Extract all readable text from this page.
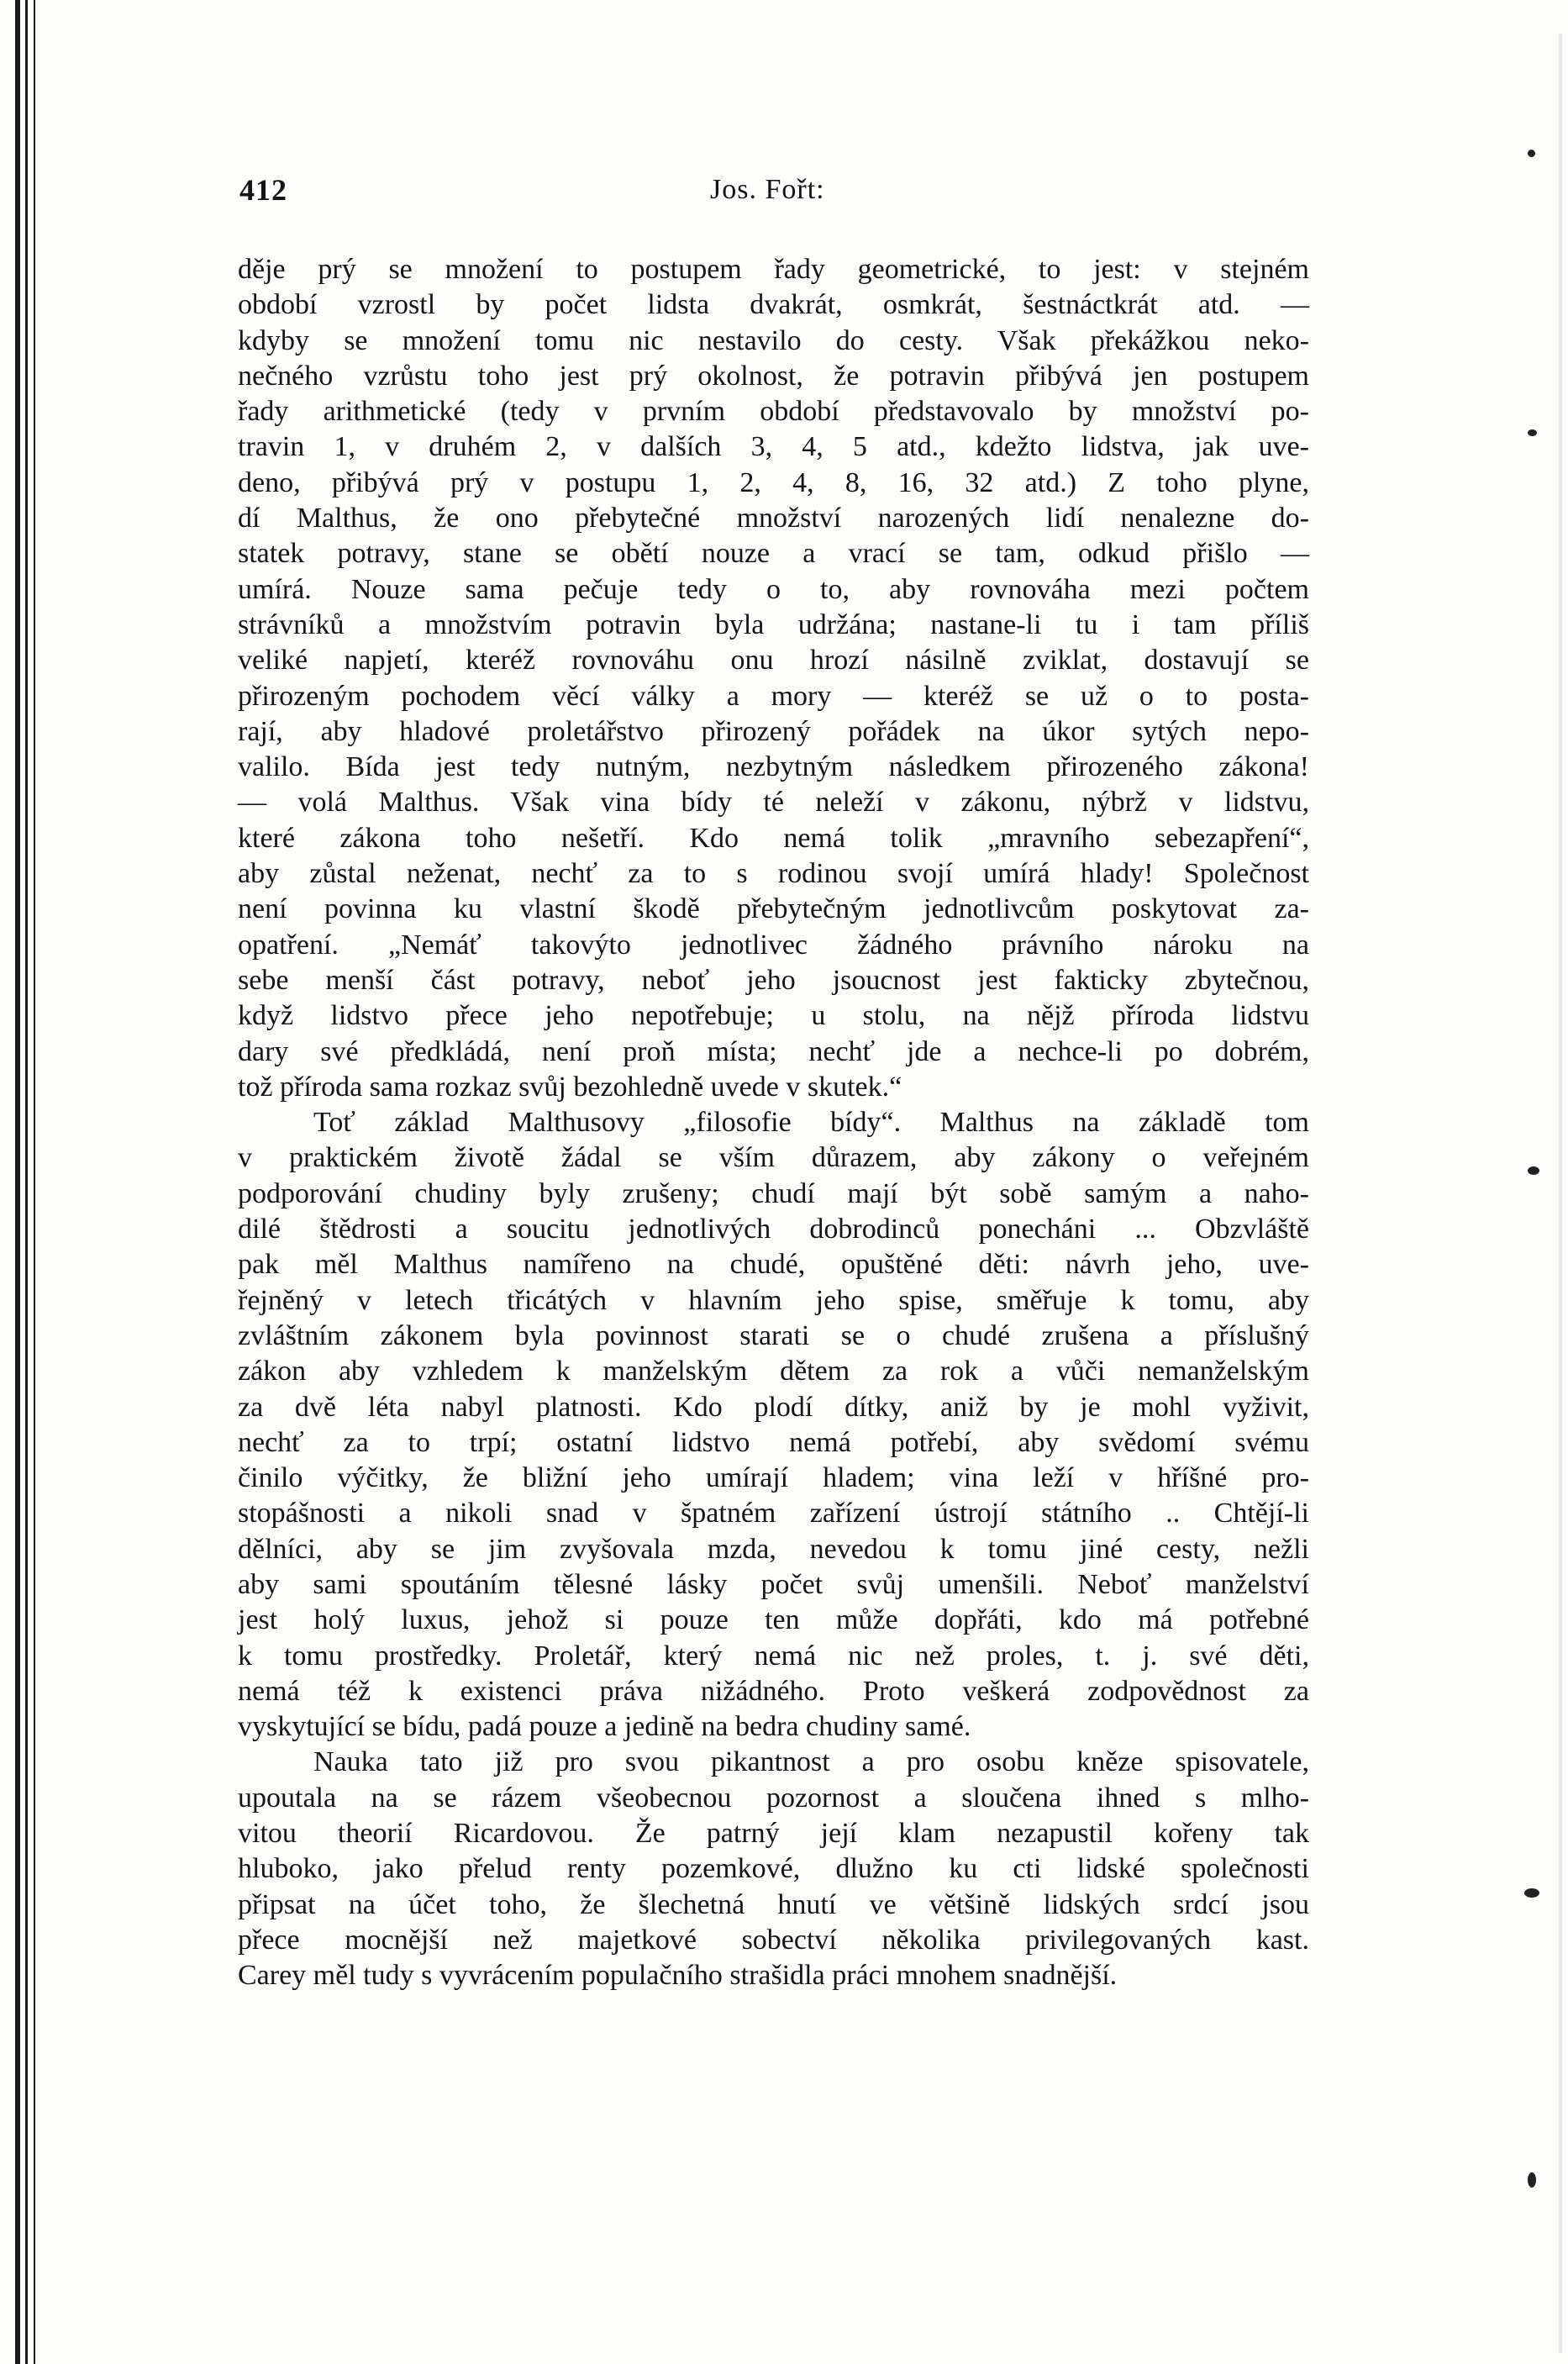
412	Jos. Fořt:
děje prý se množení to postupem řady geometrické, to jest: v stejném
období vzrostl by počet lidsta dvakrát, osmkrát, šestnáctkrát atd. —
kdyby se množení tomu nic nestavilo do cesty. Však překážkou neko-
nečného vzrůstu toho jest prý okolnost, že potravin přibývá jen postupem
řady arithmetické (tedy v prvním období představovalo by množství po-
travin 1, v druhém 2, v dalších 3, 4, 5 atd., kdežto lidstva, jak uve-
deno, přibývá prý v postupu 1, 2, 4, 8, 16, 32 atd.) Z toho plyne,
dí Malthus, že ono přebytečné množství narozených lidí nenalezne do-
statek potravy, stane se obětí nouze a vrací se tam, odkud přišlo —
umírá. Nouze sama pečuje tedy o to, aby rovnováha mezi počtem
strávníků a množstvím potravin byla udržána; nastane-li tu i tam příliš
veliké napjetí, kteréž rovnováhu onu hrozí násilně zviklat, dostavují se
přirozeným pochodem věcí války a mory — kteréž se už o to posta-
rají, aby hladové proletářstvo přirozený pořádek na úkor sytých nepo-
valilo. Bída jest tedy nutným, nezbytným následkem přirozeného zákona!
— volá Malthus. Však vina bídy té neleží v zákonu, nýbrž v lidstvu,
které zákona toho nešetří. Kdo nemá tolik „mravního sebezapření“,
aby zůstal neženat, nechť za to s rodinou svojí umírá hlady! Společnost
není povinna ku vlastní škodě přebytečným jednotlivcům poskytovat za-
opatření. „Nemáť takovýto jednotlivec žádného právního nároku na
sebe menší část potravy, neboť jeho jsoucnost jest fakticky zbytečnou,
když lidstvo přece jeho nepotřebuje; u stolu, na nějž příroda lidstvu
dary své předkládá, není proň místa; nechť jde a nechce-li po dobrém,
tož příroda sama rozkaz svůj bezohledně uvede v skutek.“
Toť základ Malthusovy „filosofie bídy“. Malthus na základě tom
v praktickém životě žádal se vším důrazem, aby zákony o veřejném
podporování chudiny byly zrušeny; chudí mají být sobě samým a naho-
dilé štědrosti a soucitu jednotlivých dobrodinců ponecháni ... Obzvláště
pak měl Malthus namířeno na chudé, opuštěné děti: návrh jeho, uve-
řejněný v letech třicátých v hlavním jeho spise, směřuje k tomu, aby
zvláštním zákonem byla povinnost starati se o chudé zrušena a příslušný
zákon aby vzhledem k manželským dětem za rok a vůči nemanželským
za dvě léta nabyl platnosti. Kdo plodí dítky, aniž by je mohl vyživit,
nechť za to trpí; ostatní lidstvo nemá potřebí, aby svědomí svému
činilo výčitky, že bližní jeho umírají hladem; vina leží v hříšné pro-
stopášnosti a nikoli snad v špatném zařízení ústrojí státního .. Chtějí-li
dělníci, aby se jim zvyšovala mzda, nevedou k tomu jiné cesty, nežli
aby sami spoutáním tělesné lásky počet svůj umenšili. Neboť manželství
jest holý luxus, jehož si pouze ten může dopřáti, kdo má potřebné
k tomu prostředky. Proletář, který nemá nic než proles, t. j. své děti,
nemá též k existenci práva nižádného. Proto veškerá zodpovědnost za
vyskytující se bídu, padá pouze a jedině na bedra chudiny samé.
Nauka tato již pro svou pikantnost a pro osobu kněze spisovatele,
upoutala na se rázem všeobecnou pozornost a sloučena ihned s mlho-
vitou theorií Ricardovou. Že patrný její klam nezapustil kořeny tak
hluboko, jako přelud renty pozemkové, dlužno ku cti lidské společnosti
připsat na účet toho, že šlechetná hnutí ve většině lidských srdcí jsou
přece mocnější než majetkové sobectví několika privilegovaných kast.
Carey měl tudy s vyvrácením populačního strašidla práci mnohem snadnější.
